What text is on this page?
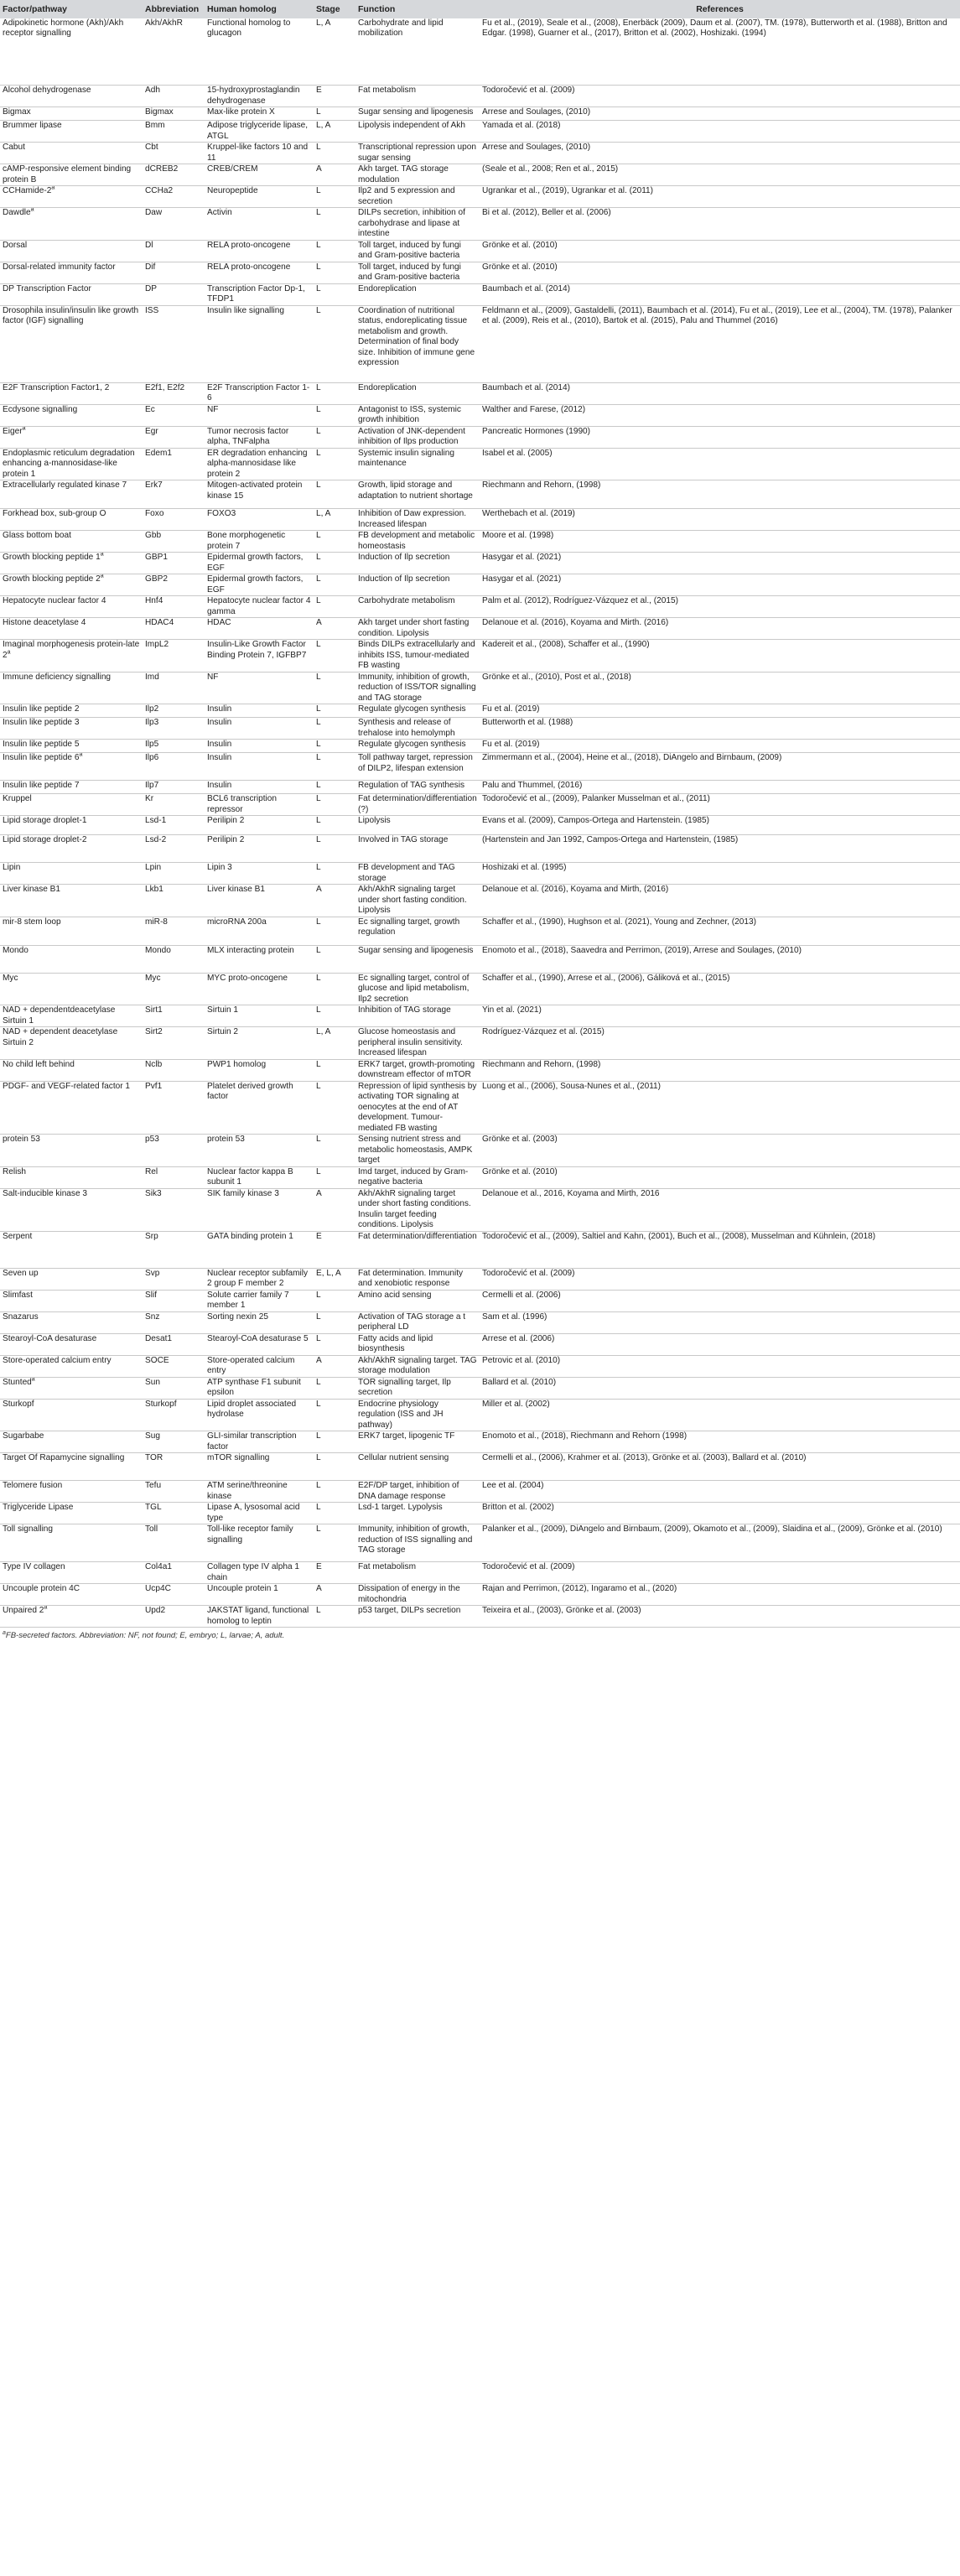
Factor/pathway	Abbreviation	Human homolog	Stage	Function	References
Adipokinetic hormone (Akh)/Akh receptor signalling	Akh/AkhR	Functional homolog to glucagon	L, A	Carbohydrate and lipid mobilization	Fu et al., (2019), Seale et al., (2008), Enerbäck (2009), Daum et al. (2007), TM. (1978), Butterworth et al. (1988), Britton and Edgar. (1998), Guarner et al., (2017), Britton et al. (2002), Hoshizaki. (1994)
Alcohol dehydrogenase	Adh	15-hydroxyprostaglandin dehydrogenase	E	Fat metabolism	Todoročević et al. (2009)
Bigmax	Bigmax	Max-like protein X	L	Sugar sensing and lipogenesis	Arrese and Soulages, (2010)
Brummer lipase	Bmm	Adipose triglyceride lipase, ATGL	L, A	Lipolysis independent of Akh	Yamada et al. (2018)
Cabut	Cbt	Kruppel-like factors 10 and 11	L	Transcriptional repression upon sugar sensing	Arrese and Soulages, (2010)
cAMP-responsive element binding protein B	dCREB2	CREB/CREM	A	Akh target. TAG storage modulation	(Seale et al., 2008; Ren et al., 2015)
CCHamide-2$^a$	CCHa2	Neuropeptide	L	Ilp2 and 5 expression and secretion	Ugrankar et al., (2019), Ugrankar et al. (2011)
Dawdle$^a$	Daw	Activin	L	DILPs secretion, inhibition of carbohydrase and lipase at intestine	Bi et al. (2012), Beller et al. (2006)
Dorsal	Dl	RELA proto-oncogene	L	Toll target, induced by fungi and Gram-positive bacteria	Grönke et al. (2010)
Dorsal-related immunity factor	Dif	RELA proto-oncogene	L	Toll target, induced by fungi and Gram-positive bacteria	Grönke et al. (2010)
DP Transcription Factor	DP	Transcription Factor Dp-1, TFDP1	L	Endoreplication	Baumbach et al. (2014)
Drosophila insulin/insulin like growth factor (IGF) signalling	ISS	Insulin like signalling	L	Coordination of nutritional status, endoreplicating tissue metabolism and growth. Determination of final body size. Inhibition of immune gene expression	Feldmann et al., (2009), Gastaldelli, (2011), Baumbach et al. (2014), Fu et al., (2019), Lee et al., (2004), TM. (1978), Palanker et al. (2009), Reis et al., (2010), Bartok et al. (2015), Palu and Thummel (2016)
E2F Transcription Factor1, 2	E2f1, E2f2	E2F Transcription Factor 1-6	L	Endoreplication	Baumbach et al. (2014)
Ecdysone signalling	Ec	NF	L	Antagonist to ISS, systemic growth inhibition	Walther and Farese, (2012)
Eiger$^a$	Egr	Tumor necrosis factor alpha, TNFalpha	L	Activation of JNK-dependent inhibition of Ilps production	Pancreatic Hormones (1990)
Endoplasmic reticulum degradation enhancing a-mannosidase-like protein 1	Edem1	ER degradation enhancing alpha-mannosidase like protein 2	L	Systemic insulin signaling maintenance	Isabel et al. (2005)
Extracellularly regulated kinase 7	Erk7	Mitogen-activated protein kinase 15	L	Growth, lipid storage and adaptation to nutrient shortage	Riechmann and Rehorn, (1998)
Forkhead box, sub-group O	Foxo	FOXO3	L, A	Inhibition of Daw expression. Increased lifespan	Werthebach et al. (2019)
Glass bottom boat	Gbb	Bone morphogenetic protein 7	L	FB development and metabolic homeostasis	Moore et al. (1998)
Growth blocking peptide 1$^a$	GBP1	Epidermal growth factors, EGF	L	Induction of Ilp secretion	Hasygar et al. (2021)
Growth blocking peptide 2$^a$	GBP2	Epidermal growth factors, EGF	L	Induction of Ilp secretion	Hasygar et al. (2021)
Hepatocyte nuclear factor 4	Hnf4	Hepatocyte nuclear factor 4 gamma	L	Carbohydrate metabolism	Palm et al. (2012), Rodríguez-Vázquez et al., (2015)
Histone deacetylase 4	HDAC4	HDAC	A	Akh target under short fasting condition. Lipolysis	Delanoue et al. (2016), Koyama and Mirth. (2016)
Imaginal morphogenesis protein-late 2$^a$	ImpL2	Insulin-Like Growth Factor Binding Protein 7, IGFBP7	L	Binds DILPs extracellularly and inhibits ISS, tumour-mediated FB wasting	Kadereit et al., (2008), Schaffer et al., (1990)
Immune deficiency signalling	Imd	NF	L	Immunity, inhibition of growth, reduction of ISS/TOR signalling and TAG storage	Grönke et al., (2010), Post et al., (2018)
Insulin like peptide 2	Ilp2	Insulin	L	Regulate glycogen synthesis	Fu et al. (2019)
Insulin like peptide 3	Ilp3	Insulin	L	Synthesis and release of trehalose into hemolymph	Butterworth et al. (1988)
Insulin like peptide 5	Ilp5	Insulin	L	Regulate glycogen synthesis	Fu et al. (2019)
Insulin like peptide 6$^a$	Ilp6	Insulin	L	Toll pathway target, repression of DILP2, lifespan extension	Zimmermann et al., (2004), Heine et al., (2018), DiAngelo and Birnbaum, (2009)
Insulin like peptide 7	Ilp7	Insulin	L	Regulation of TAG synthesis	Palu and Thummel, (2016)
Kruppel	Kr	BCL6 transcription repressor	L	Fat determination/differentiation (?)	Todoročević et al., (2009), Palanker Musselman et al., (2011)
Lipid storage droplet-1	Lsd-1	Perilipin 2	L	Lipolysis	Evans et al. (2009), Campos-Ortega and Hartenstein. (1985)
Lipid storage droplet-2	Lsd-2	Perilipin 2	L	Involved in TAG storage	(Hartenstein and Jan 1992, Campos-Ortega and Hartenstein, (1985)
Lipin	Lpin	Lipin 3	L	FB development and TAG storage	Hoshizaki et al. (1995)
Liver kinase B1	Lkb1	Liver kinase B1	A	Akh/AkhR signaling target under short fasting condition. Lipolysis	Delanoue et al. (2016), Koyama and Mirth, (2016)
mir-8 stem loop	miR-8	microRNA 200a	L	Ec signalling target, growth regulation	Schaffer et al., (1990), Hughson et al. (2021), Young and Zechner, (2013)
Mondo	Mondo	MLX interacting protein	L	Sugar sensing and lipogenesis	Enomoto et al., (2018), Saavedra and Perrimon, (2019), Arrese and Soulages, (2010)
Myc	Myc	MYC proto-oncogene	L	Ec signalling target, control of glucose and lipid metabolism, Ilp2 secretion	Schaffer et al., (1990), Arrese et al., (2006), Gáliková et al., (2015)
NAD + dependentdeacetylase Sirtuin 1	Sirt1	Sirtuin 1	L	Inhibition of TAG storage	Yin et al. (2021)
NAD + dependent deacetylase Sirtuin 2	Sirt2	Sirtuin 2	L, A	Glucose homeostasis and peripheral insulin sensitivity. Increased lifespan	Rodríguez-Vázquez et al. (2015)
No child left behind	Nclb	PWP1 homolog	L	ERK7 target, growth-promoting downstream effector of mTOR	Riechmann and Rehorn, (1998)
PDGF- and VEGF-related factor 1	Pvf1	Platelet derived growth factor	L	Repression of lipid synthesis by activating TOR signaling at oenocytes at the end of AT development. Tumour-mediated FB wasting	Luong et al., (2006), Sousa-Nunes et al., (2011)
protein 53	p53	protein 53	L	Sensing nutrient stress and metabolic homeostasis, AMPK target	Grönke et al. (2003)
Relish	Rel	Nuclear factor kappa B subunit 1	L	Imd target, induced by Gram-negative bacteria	Grönke et al. (2010)
Salt-inducible kinase 3	Sik3	SIK family kinase 3	A	Akh/AkhR signaling target under short fasting conditions. Insulin target feeding conditions. Lipolysis	Delanoue et al., 2016, Koyama and Mirth, 2016
Serpent	Srp	GATA binding protein 1	E	Fat determination/differentiation	Todoročević et al., (2009), Saltiel and Kahn, (2001), Buch et al., (2008), Musselman and Kühnlein, (2018)
Seven up	Svp	Nuclear receptor subfamily 2 group F member 2	E, L, A	Fat determination. Immunity and xenobiotic response	Todoročević et al. (2009)
Slimfast	Slif	Solute carrier family 7 member 1	L	Amino acid sensing	Cermelli et al. (2006)
Snazarus	Snz	Sorting nexin 25	L	Activation of TAG storage a t peripheral LD	Sam et al. (1996)
Stearoyl-CoA desaturase	Desat1	Stearoyl-CoA desaturase 5	L	Fatty acids and lipid biosynthesis	Arrese et al. (2006)
Store-operated calcium entry	SOCE	Store-operated calcium entry	A	Akh/AkhR signaling target. TAG storage modulation	Petrovic et al. (2010)
Stunted$^a$	Sun	ATP synthase F1 subunit epsilon	L	TOR signalling target, Ilp secretion	Ballard et al. (2010)
Sturkopf	Sturkopf	Lipid droplet associated hydrolase	L	Endocrine physiology regulation (ISS and JH pathway)	Miller et al. (2002)
Sugarbabe	Sug	GLI-similar transcription factor	L	ERK7 target, lipogenic TF	Enomoto et al., (2018), Riechmann and Rehorn (1998)
Target Of Rapamycine signalling	TOR	mTOR signalling	L	Cellular nutrient sensing	Cermelli et al., (2006), Krahmer et al. (2013), Grönke et al. (2003), Ballard et al. (2010)
Telomere fusion	Tefu	ATM serine/threonine kinase	L	E2F/DP target, inhibition of DNA damage response	Lee et al. (2004)
Triglyceride Lipase	TGL	Lipase A, lysosomal acid type	L	Lsd-1 target. Lypolysis	Britton et al. (2002)
Toll signalling	Toll	Toll-like receptor family signalling	L	Immunity, inhibition of growth, reduction of ISS signalling and TAG storage	Palanker et al., (2009), DiAngelo and Birnbaum, (2009), Okamoto et al., (2009), Slaidina et al., (2009), Grönke et al. (2010)
Type IV collagen	Col4a1	Collagen type IV alpha 1 chain	E	Fat metabolism	Todoročević et al. (2009)
Uncouple protein 4C	Ucp4C	Uncouple protein 1	A	Dissipation of energy in the mitochondria	Rajan and Perrimon, (2012), Ingaramo et al., (2020)
Unpaired 2$^a$	Upd2	JAKSTAT ligand, functional homolog to leptin	L	p53 target, DILPs secretion	Teixeira et al., (2003), Grönke et al. (2003)
$^a$FB-secreted factors. Abbreviation: NF, not found; E, embryo; L, larvae; A, adult.
